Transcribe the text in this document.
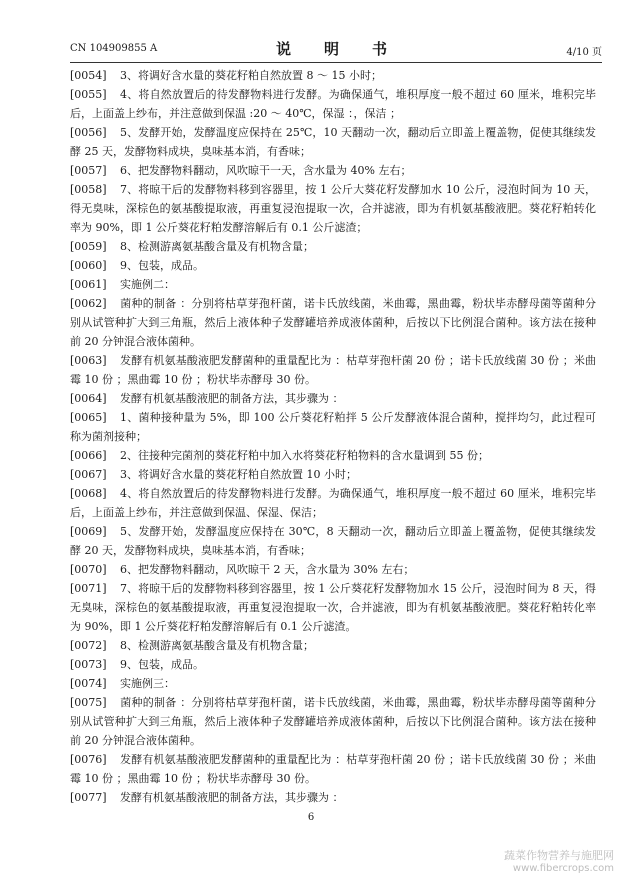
CN 104909855 A	说　明　书	4/10 页
[0054] 3、将调好含水量的葵花籽粕自然放置 8 ～ 15 小时；
[0055] 4、将自然放置后的待发酵物料进行发酵。为确保通气，堆积厚度一般不超过 60 厘米，堆积完毕后，上面盖上纱布，并注意做到保温 :20 ～ 40℃，保湿 ：，保洁 ；
[0056] 5、发酵开始，发酵温度应保持在 25℃，10 天翻动一次，翻动后立即盖上覆盖物，促使其继续发酵 25 天，发酵物料成块，臭味基本消，有香味；
[0057] 6、把发酵物料翻动，风吹晾干一天，含水量为 40% 左右；
[0058] 7、将晾干后的发酵物料移到容器里，按 1 公斤大葵花籽发酵加水 10 公斤，浸泡时间为 10 天，得无臭味，深棕色的氨基酸提取液，再重复浸泡提取一次，合并滤液，即为有机氨基酸液肥。葵花籽粕转化率为 90%，即 1 公斤葵花籽粕发酵溶解后有 0.1 公斤滤渣；
[0059] 8、检测游离氨基酸含量及有机物含量；
[0060] 9、包装，成品。
[0061] 实施例二：
[0062] 菌种的制备 ：分别将枯草芽孢杆菌，诺卡氏放线菌，米曲霉，黑曲霉，粉状毕赤酵母菌等菌种分别从试管种扩大到三角瓶，然后上液体种子发酵罐培养成液体菌种，后按以下比例混合菌种。该方法在接种前 20 分钟混合液体菌种。
[0063] 发酵有机氨基酸液肥发酵菌种的重量配比为 ：枯草芽孢杆菌 20 份 ；诺卡氏放线菌 30 份 ；米曲霉 10 份 ；黑曲霉 10 份 ；粉状毕赤酵母 30 份。
[0064] 发酵有机氨基酸液肥的制备方法，其步骤为 ：
[0065] 1、菌种接种量为 5%，即 100 公斤葵花籽粕拌 5 公斤发酵液体混合菌种，搅拌均匀，此过程可称为菌剂接种；
[0066] 2、往接种完菌剂的葵花籽粕中加入水将葵花籽粕物料的含水量调到 55 份；
[0067] 3、将调好含水量的葵花籽粕自然放置 10 小时；
[0068] 4、将自然放置后的待发酵物料进行发酵。为确保通气，堆积厚度一般不超过 60 厘米，堆积完毕后，上面盖上纱布，并注意做到保温、保湿、保洁；
[0069] 5、发酵开始，发酵温度应保持在 30℃，8 天翻动一次，翻动后立即盖上覆盖物，促使其继续发酵 20 天，发酵物料成块，臭味基本消，有香味；
[0070] 6、把发酵物料翻动，风吹晾干 2 天，含水量为 30% 左右；
[0071] 7、将晾干后的发酵物料移到容器里，按 1 公斤葵花籽发酵物加水 15 公斤，浸泡时间为 8 天，得无臭味，深棕色的氨基酸提取液，再重复浸泡提取一次，合并滤液，即为有机氨基酸液肥。葵花籽粕转化率为 90%，即 1 公斤葵花籽粕发酵溶解后有 0.1 公斤滤渣。
[0072] 8、检测游离氨基酸含量及有机物含量；
[0073] 9、包装，成品。
[0074] 实施例三：
[0075] 菌种的制备 ：分别将枯草芽孢杆菌，诺卡氏放线菌，米曲霉，黑曲霉，粉状毕赤酵母菌等菌种分别从试管种扩大到三角瓶，然后上液体种子发酵罐培养成液体菌种，后按以下比例混合菌种。该方法在接种前 20 分钟混合液体菌种。
[0076] 发酵有机氨基酸液肥发酵菌种的重量配比为 ：枯草芽孢杆菌 20 份 ；诺卡氏放线菌 30 份 ；米曲霉 10 份 ；黑曲霉 10 份 ；粉状毕赤酵母 30 份。
[0077] 发酵有机氨基酸液肥的制备方法，其步骤为 ：
6
蔬菜作物营养与施肥网
www.fibercrops.com
